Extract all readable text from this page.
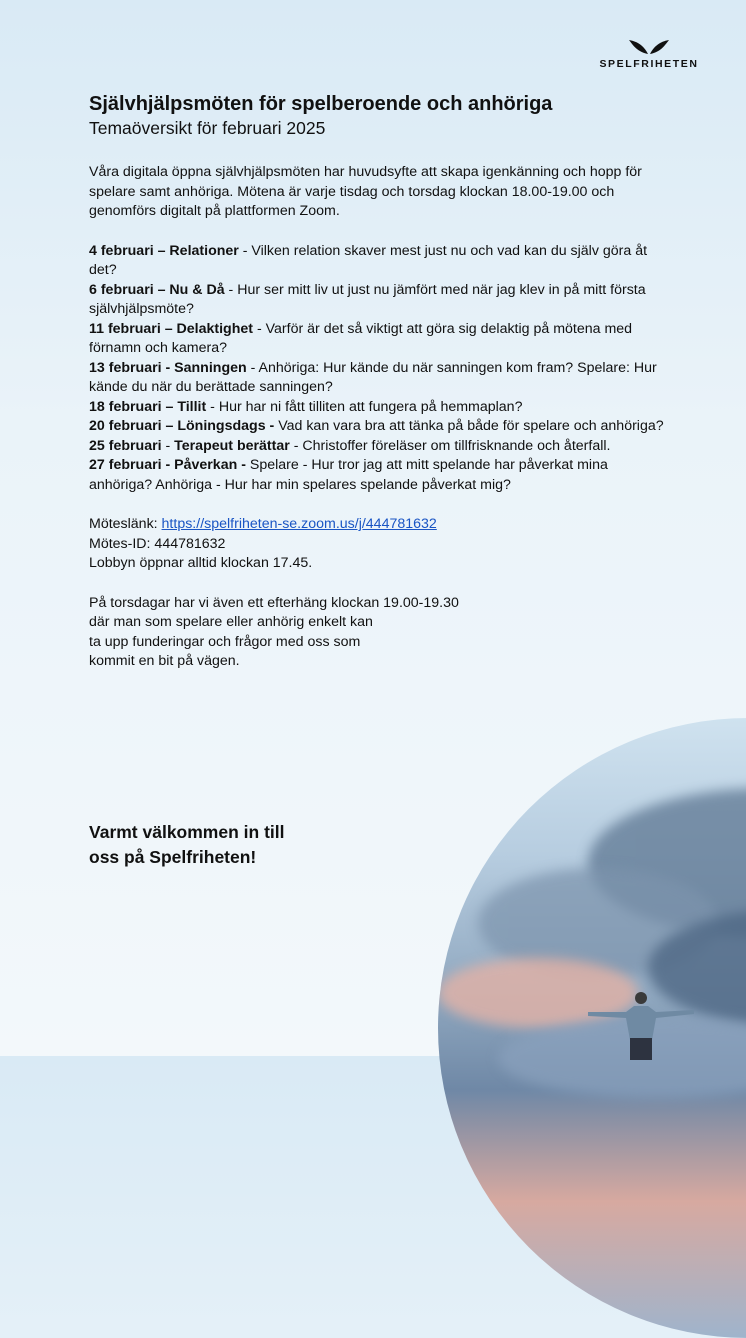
SPELFRIHETEN
Självhjälpsmöten för spelberoende och anhöriga
Temaöversikt för februari 2025

Våra digitala öppna självhjälpsmöten har huvudsyfte att skapa igenkänning och hopp för spelare samt anhöriga. Mötena är varje tisdag och torsdag klockan 18.00-19.00 och genomförs digitalt på plattformen Zoom.

4 februari – Relationer - Vilken relation skaver mest just nu och vad kan du själv göra åt det?
6 februari – Nu & Då - Hur ser mitt liv ut just nu jämfört med när jag klev in på mitt första självhjälpsmöte?
11 februari – Delaktighet - Varför är det så viktigt att göra sig delaktig på mötena med förnamn och kamera?
13 februari - Sanningen - Anhöriga: Hur kände du när sanningen kom fram? Spelare: Hur kände du när du berättade sanningen?
18 februari – Tillit - Hur har ni fått tilliten att fungera på hemmaplan?
20 februari – Löningsdags - Vad kan vara bra att tänka på både för spelare och anhöriga?
25 februari - Terapeut berättar - Christoffer föreläser om tillfrisknande och återfall.
27 februari - Påverkan - Spelare - Hur tror jag att mitt spelande har påverkat mina anhöriga? Anhöriga - Hur har min spelares spelande påverkat mig?

Möteslänk: https://spelfriheten-se.zoom.us/j/444781632

Mötes-ID: 444781632

Lobbyn öppnar alltid klockan 17.45.

På torsdagar har vi även ett efterhäng klockan 19.00-19.30

där man som spelare eller anhörig enkelt kan

ta upp funderingar och frågor med oss som

kommit en bit på vägen.

Varmt välkommen in till
oss på Spelfriheten!
